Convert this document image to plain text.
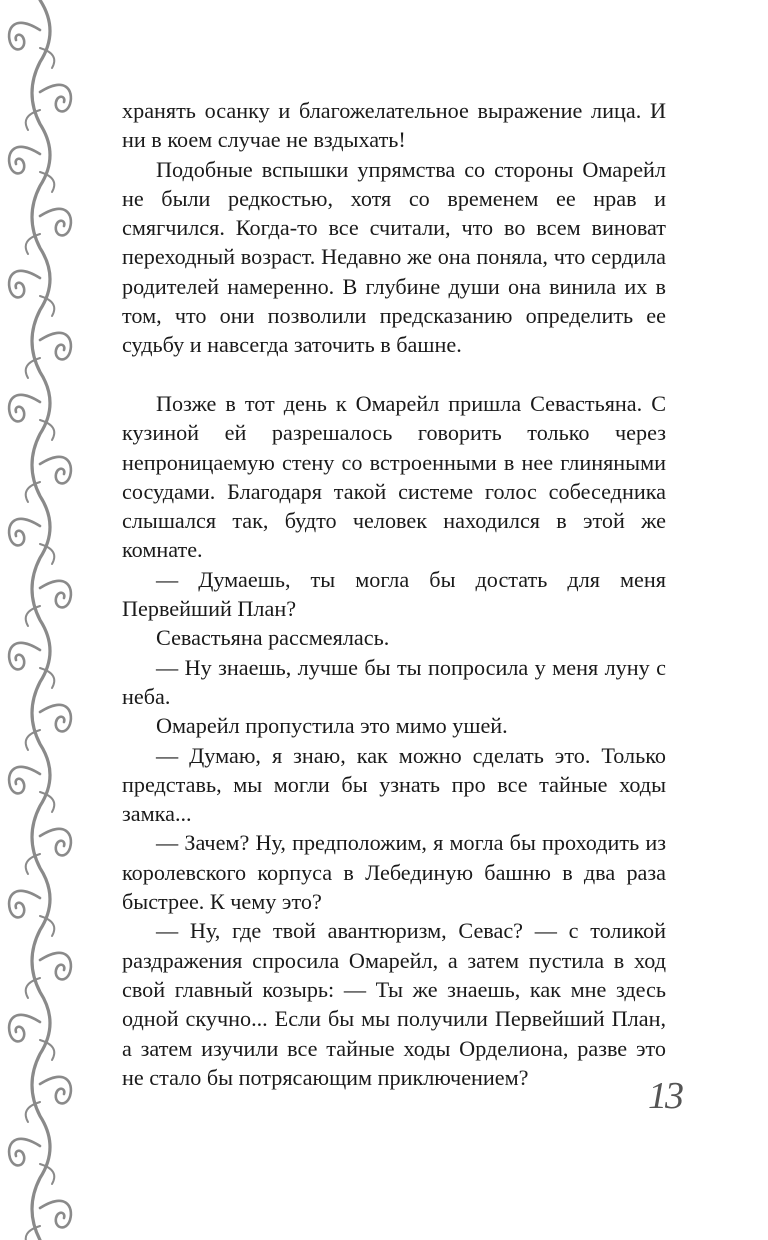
хранять осанку и благожелательное выражение лица. И ни в коем случае не вздыхать!

Подобные вспышки упрямства со стороны Омарейл не были редкостью, хотя со временем ее нрав и смягчился. Когда-то все считали, что во всем виноват переходный возраст. Недавно же она поняла, что сердила родителей намеренно. В глубине души она винила их в том, что они позволили предсказанию определить ее судьбу и навсегда заточить в башне.

Позже в тот день к Омарейл пришла Севастьяна. С кузиной ей разрешалось говорить только через непроницаемую стену со встроенными в нее глиняными сосудами. Благодаря такой системе голос собеседника слышался так, будто человек находился в этой же комнате.

— Думаешь, ты могла бы достать для меня Первейший План?

Севастьяна рассмеялась.

— Ну знаешь, лучше бы ты попросила у меня луну с неба.

Омарейл пропустила это мимо ушей.

— Думаю, я знаю, как можно сделать это. Только представь, мы могли бы узнать про все тайные ходы замка...

— Зачем? Ну, предположим, я могла бы проходить из королевского корпуса в Лебединую башню в два раза быстрее. К чему это?

— Ну, где твой авантюризм, Севас? — с толикой раздражения спросила Омарейл, а затем пустила в ход свой главный козырь: — Ты же знаешь, как мне здесь одной скучно... Если бы мы получили Первейший План, а затем изучили все тайные ходы Орделиона, разве это не стало бы потрясающим приключением?	13
